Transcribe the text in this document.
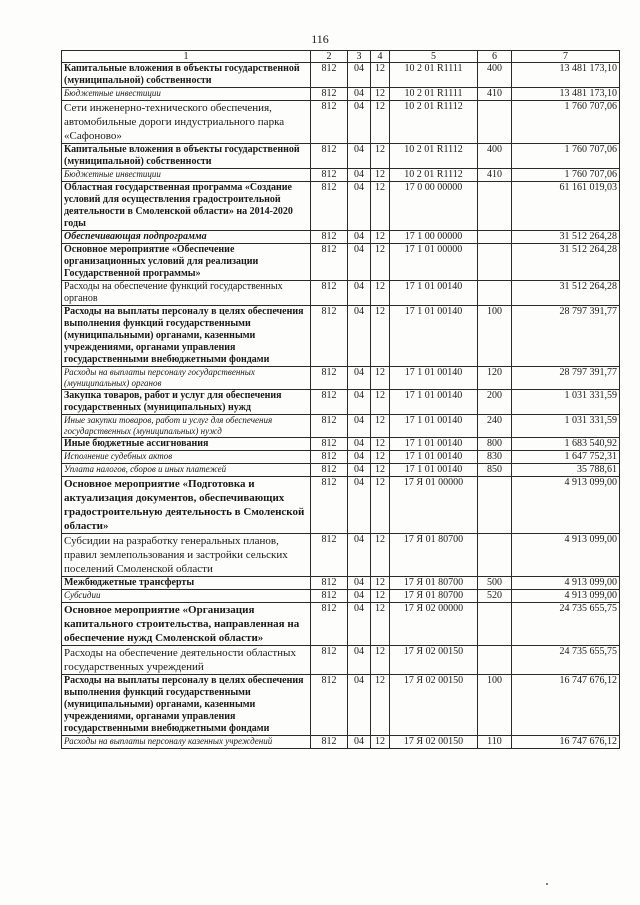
116
1	2	3	4	5	6	7
Капитальные вложения в объекты государственной (муниципальной) собственности	812	04	12	10 2 01 R1111	400	13 481 173,10
Бюджетные инвестиции	812	04	12	10 2 01 R1111	410	13 481 173,10
Сети инженерно-технического обеспечения, автомобильные дороги индустриального парка «Сафоново»	812	04	12	10 2 01 R1112		1 760 707,06
Капитальные вложения в объекты государственной (муниципальной) собственности	812	04	12	10 2 01 R1112	400	1 760 707,06
Бюджетные инвестиции	812	04	12	10 2 01 R1112	410	1 760 707,06
Областная государственная программа «Создание условий для осуществления градостроительной деятельности в Смоленской области» на 2014-2020 годы	812	04	12	17 0 00 00000		61 161 019,03
Обеспечивающая подпрограмма	812	04	12	17 1 00 00000		31 512 264,28
Основное мероприятие «Обеспечение организационных условий для реализации Государственной программы»	812	04	12	17 1 01 00000		31 512 264,28
Расходы на обеспечение функций государственных органов	812	04	12	17 1 01 00140		31 512 264,28
Расходы на выплаты персоналу в целях обеспечения выполнения функций государственными (муниципальными) органами, казенными учреждениями, органами управления государственными внебюджетными фондами	812	04	12	17 1 01 00140	100	28 797 391,77
Расходы на выплаты персоналу государственных (муниципальных) органов	812	04	12	17 1 01 00140	120	28 797 391,77
Закупка товаров, работ и услуг для обеспечения государственных (муниципальных) нужд	812	04	12	17 1 01 00140	200	1 031 331,59
Иные закупки товаров, работ и услуг для обеспечения государственных (муниципальных) нужд	812	04	12	17 1 01 00140	240	1 031 331,59
Иные бюджетные ассигнования	812	04	12	17 1 01 00140	800	1 683 540,92
Исполнение судебных актов	812	04	12	17 1 01 00140	830	1 647 752,31
Уплата налогов, сборов и иных платежей	812	04	12	17 1 01 00140	850	35 788,61
Основное мероприятие «Подготовка и актуализация документов, обеспечивающих градостроительную деятельность в Смоленской области»	812	04	12	17 Я 01 00000		4 913 099,00
Субсидии на разработку генеральных планов, правил землепользования и застройки сельских поселений Смоленской области	812	04	12	17 Я 01 80700		4 913 099,00
Межбюджетные трансферты	812	04	12	17 Я 01 80700	500	4 913 099,00
Субсидии	812	04	12	17 Я 01 80700	520	4 913 099,00
Основное мероприятие «Организация капитального строительства, направленная на обеспечение нужд Смоленской области»	812	04	12	17 Я 02 00000		24 735 655,75
Расходы на обеспечение деятельности областных государственных учреждений	812	04	12	17 Я 02 00150		24 735 655,75
Расходы на выплаты персоналу в целях обеспечения выполнения функций государственными (муниципальными) органами, казенными учреждениями, органами управления государственными внебюджетными фондами	812	04	12	17 Я 02 00150	100	16 747 676,12
Расходы на выплаты персоналу казенных учреждений	812	04	12	17 Я 02 00150	110	16 747 676,12
